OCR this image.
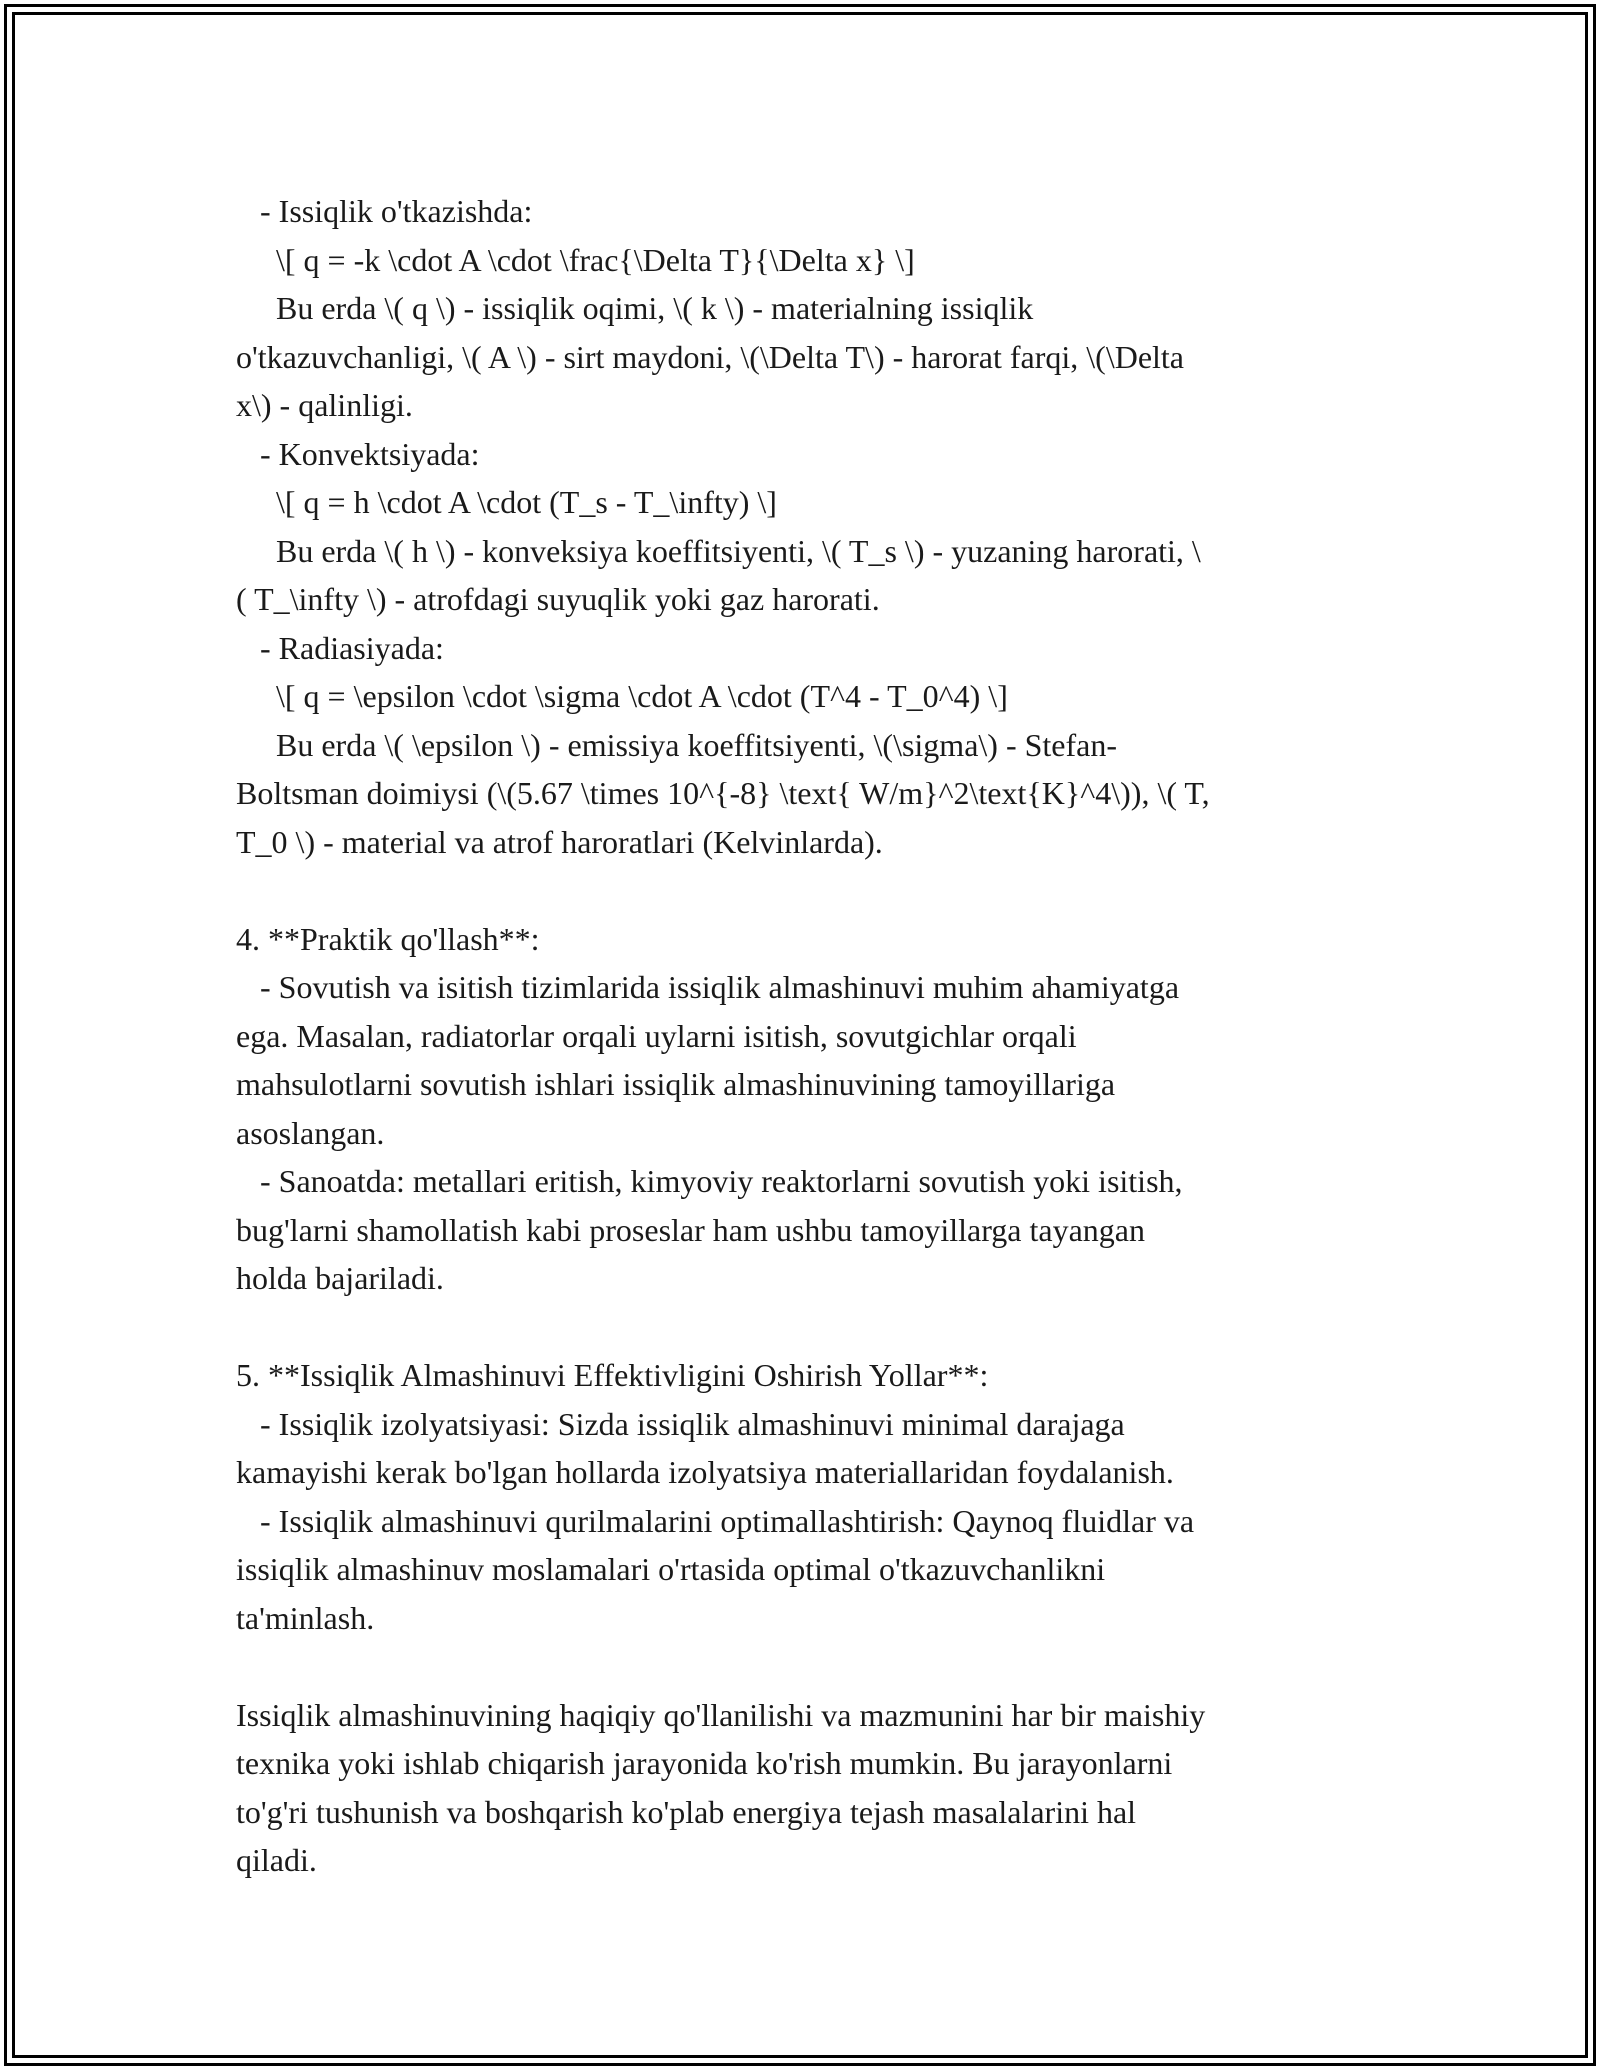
- Issiqlik o'tkazishda:
\[ q = -k \cdot A \cdot \frac{\Delta T}{\Delta x} \]
Bu erda \( q \) - issiqlik oqimi, \( k \) - materialning issiqlik
o'tkazuvchanligi, \( A \) - sirt maydoni, \(\Delta T\) - harorat farqi, \(\Delta
x\) - qalinligi.
- Konvektsiyada:
\[ q = h \cdot A \cdot (T_s - T_\infty) \]
Bu erda \( h \) - konveksiya koeffitsiyenti, \( T_s \) - yuzaning harorati, \
( T_\infty \) - atrofdagi suyuqlik yoki gaz harorati.
- Radiasiyada:
\[ q = \epsilon \cdot \sigma \cdot A \cdot (T^4 - T_0^4) \]
Bu erda \( \epsilon \) - emissiya koeffitsiyenti, \(\sigma\) - Stefan-
Boltsman doimiysi (\(5.67 \times 10^{-8} \text{ W/m}^2\text{K}^4\)), \( T,
T_0 \) - material va atrof haroratlari (Kelvinlarda).
4. **Praktik qo'llash**:
- Sovutish va isitish tizimlarida issiqlik almashinuvi muhim ahamiyatga
ega. Masalan, radiatorlar orqali uylarni isitish, sovutgichlar orqali
mahsulotlarni sovutish ishlari issiqlik almashinuvining tamoyillariga
asoslangan.
- Sanoatda: metallari eritish, kimyoviy reaktorlarni sovutish yoki isitish,
bug'larni shamollatish kabi proseslar ham ushbu tamoyillarga tayangan
holda bajariladi.
5. **Issiqlik Almashinuvi Effektivligini Oshirish Yollar**:
- Issiqlik izolyatsiyasi: Sizda issiqlik almashinuvi minimal darajaga
kamayishi kerak bo'lgan hollarda izolyatsiya materiallaridan foydalanish.
- Issiqlik almashinuvi qurilmalarini optimallashtirish: Qaynoq fluidlar va
issiqlik almashinuv moslamalari o'rtasida optimal o'tkazuvchanlikni
ta'minlash.
Issiqlik almashinuvining haqiqiy qo'llanilishi va mazmunini har bir maishiy
texnika yoki ishlab chiqarish jarayonida ko'rish mumkin. Bu jarayonlarni
to'g'ri tushunish va boshqarish ko'plab energiya tejash masalalarini hal
qiladi.
